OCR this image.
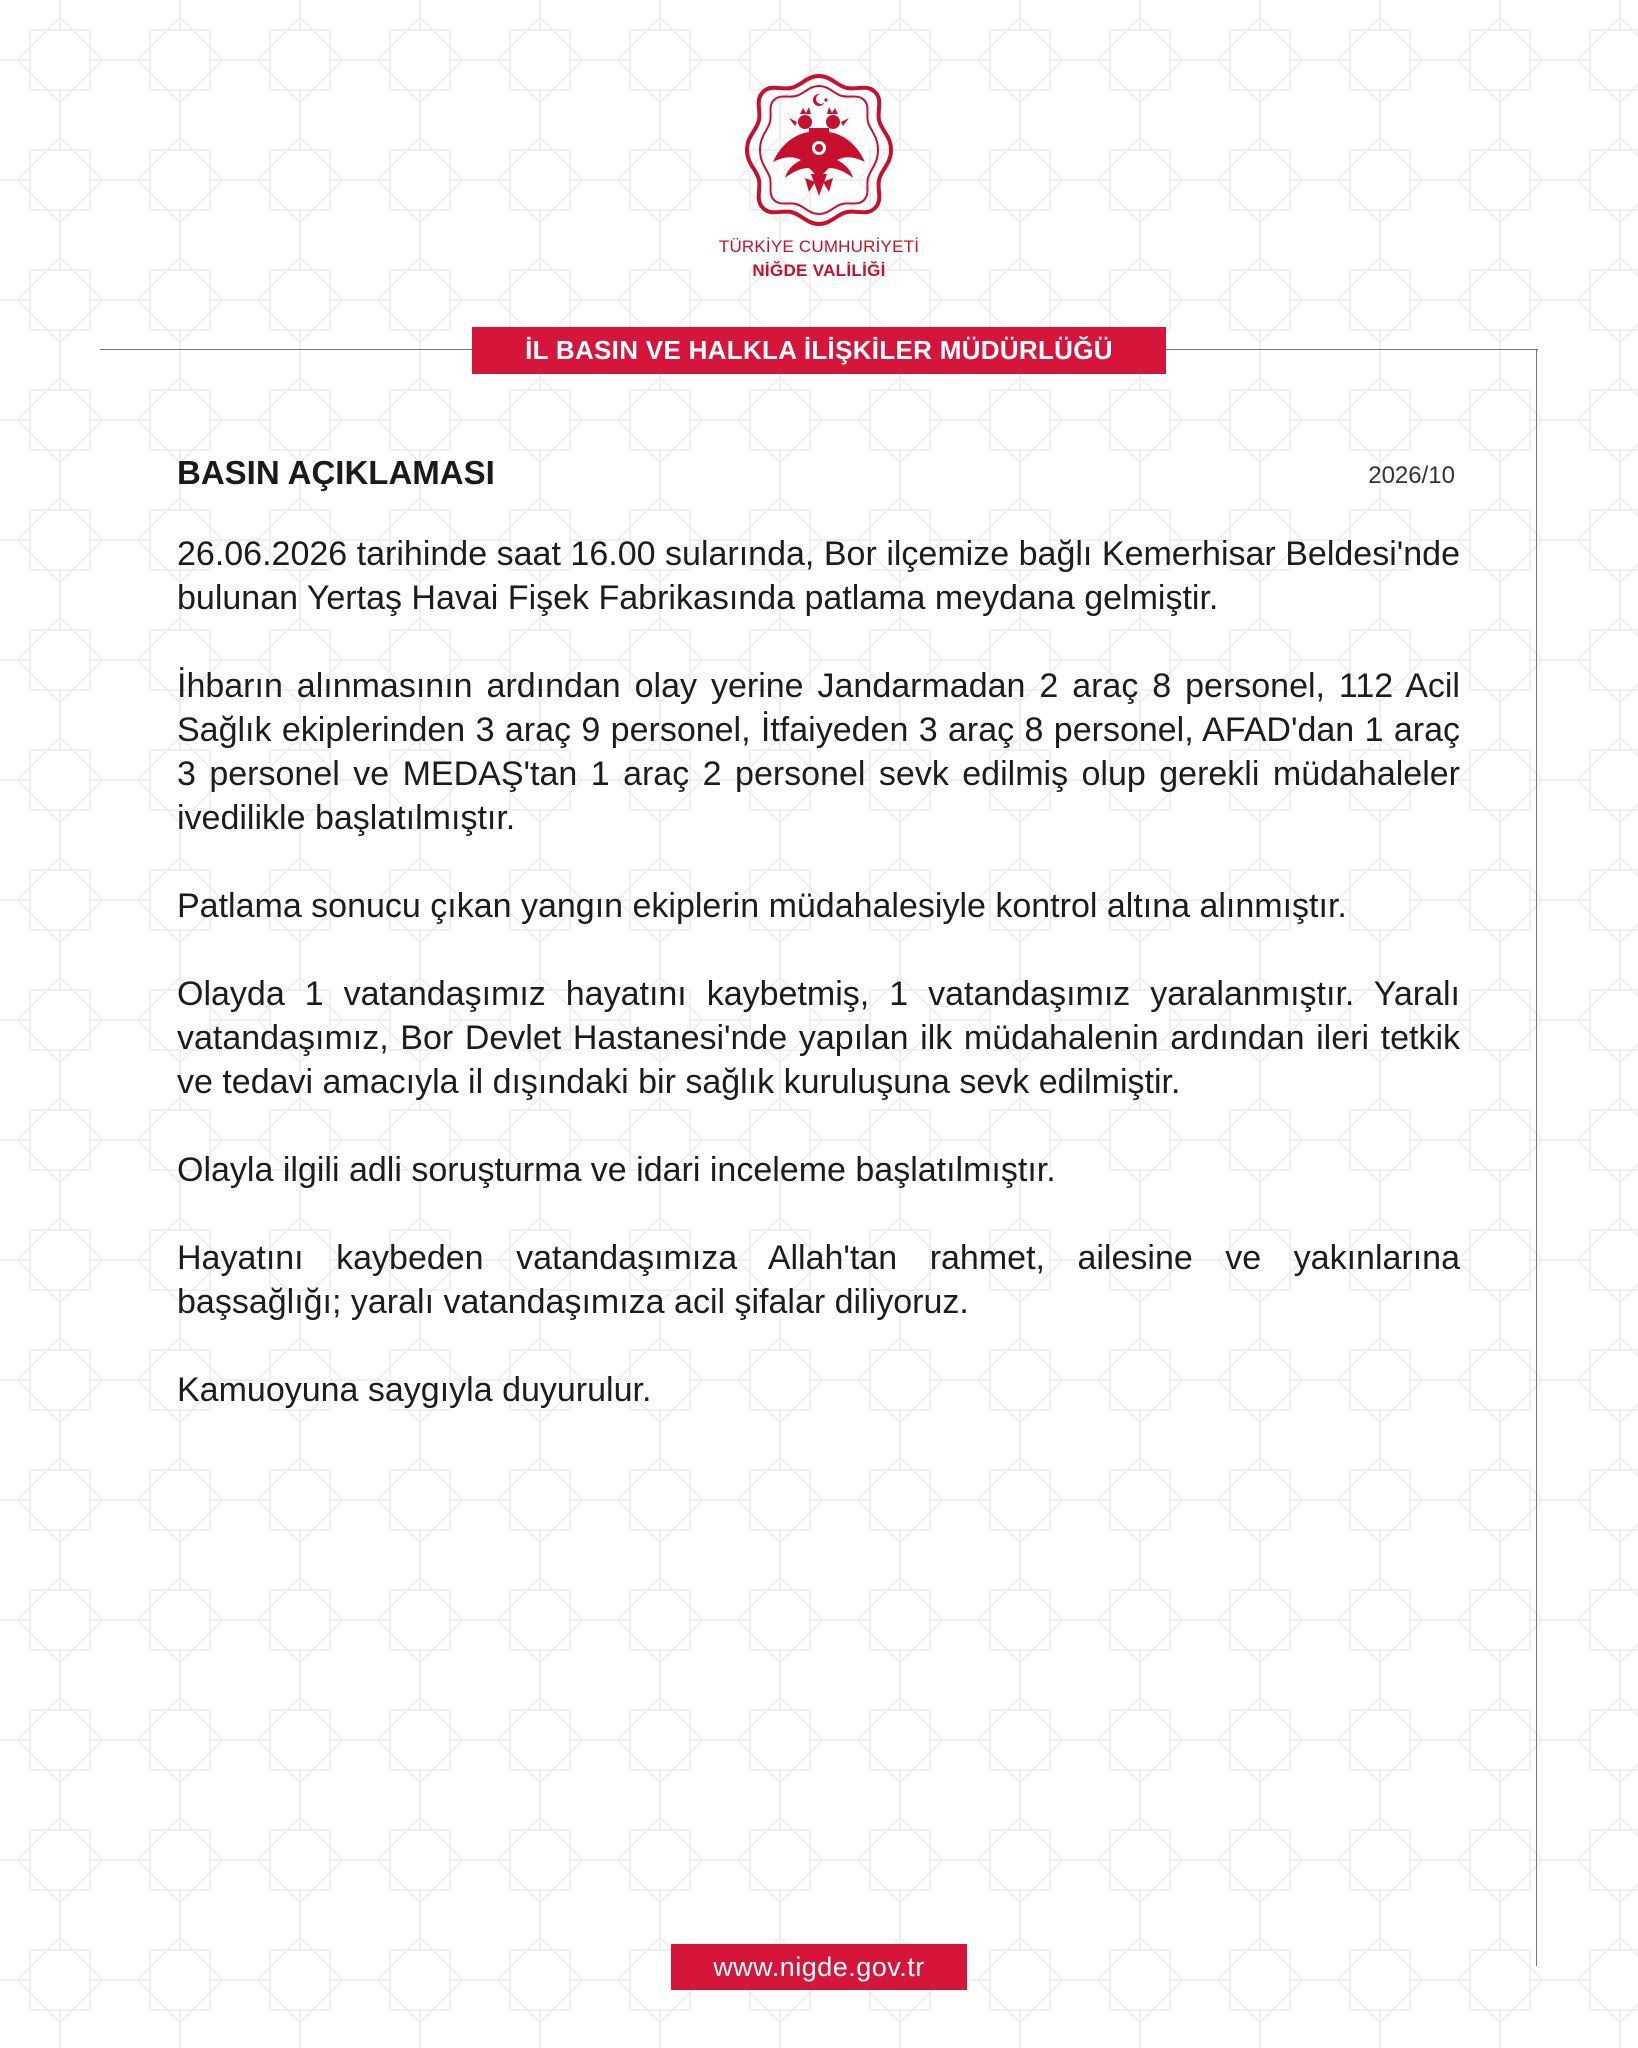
TÜRKİYE CUMHURİYETİ
NİĞDE VALİLİĞİ
İL BASIN VE HALKLA İLİŞKİLER MÜDÜRLÜĞÜ
BASIN AÇIKLAMASI	2026/10

26.06.2026 tarihinde saat 16.00 sularında, Bor ilçemize bağlı Kemerhisar Beldesi'nde bulunan Yertaş Havai Fişek Fabrikasında patlama meydana gelmiştir.

İhbarın alınmasının ardından olay yerine Jandarmadan 2 araç 8 personel, 112 Acil Sağlık ekiplerinden 3 araç 9 personel, İtfaiyeden 3 araç 8 personel, AFAD'dan 1 araç 3 personel ve MEDAŞ'tan 1 araç 2 personel sevk edilmiş olup gerekli müdahaleler ivedilikle başlatılmıştır.

Patlama sonucu çıkan yangın ekiplerin müdahalesiyle kontrol altına alınmıştır.

Olayda 1 vatandaşımız hayatını kaybetmiş, 1 vatandaşımız yaralanmıştır. Yaralı vatandaşımız, Bor Devlet Hastanesi'nde yapılan ilk müdahalenin ardından ileri tetkik ve tedavi amacıyla il dışındaki bir sağlık kuruluşuna sevk edilmiştir.

Olayla ilgili adli soruşturma ve idari inceleme başlatılmıştır.

Hayatını kaybeden vatandaşımıza Allah'tan rahmet, ailesine ve yakınlarına başsağlığı; yaralı vatandaşımıza acil şifalar diliyoruz.

Kamuoyuna saygıyla duyurulur.

www.nigde.gov.tr
